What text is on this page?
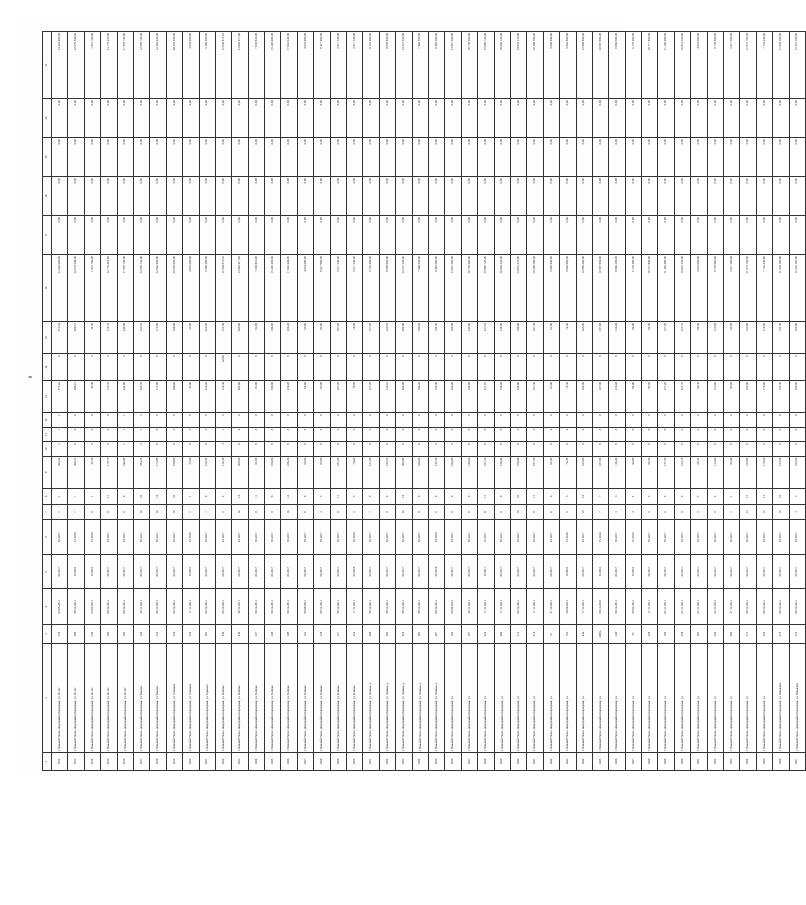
8
1	2	3	4	5	6	7	8	9	10	11	12	13	14	15	16	17	18	19	20	21
1012	г. Нижний Тагил, микрорайон Карьерная, ул. 65 лет	319	03.05.2011	III.2017	III.2017	1	1	563,32	1	1	1	573,42	0	573,42	13 425 600,00	0,00	0,00	0,00	0,00	13 425 600,00
1013	г. Нижний Тагил, микрорайон Карьерная, ул. 65 лет	300	08.12.2011	IV.2016	IV.2016	7	7	369,21	0	0	0	369,21	0	369,21	12 670 548,00	0,00	0,00	0,00	0,00	12 670 548,00
1014	г. Нижний Тагил, микрорайон Карьерная, ул. 65 лет	326	03.05.2011	IV.2016	IV.2016	0	1	35,30	0	0	0	35,30	0	35,30	1 051 760,00	0,00	0,00	0,00	0,00	1 051 760,00
1015	г. Нижний Тагил, микрорайон Карьерная, ул. 65 лет	305	08.12.2011	III.2017	III.2017	11	11	170,70	0	0	0	170,70	0	170,70	13 770 410,00	0,00	0,00	0,00	0,00	13 770 410,00
1016	г. Нижний Тагил, микрорайон Карьерная, ул. 65 лет	302	08.12.2011	III.2017	III.2017	9	9	242,80	1	1	1	242,80	0	242,80	17 593 740,00	0,00	0,00	0,00	0,00	17 593 740,00
1017	г. Нижний Тагил, микрорайон Карьерная, ул. Бажова	326	29.11.2011	III.2017	III.2017	14	16	323,35	2	1	2	323,35	0	323,35	12 559 742,00	0,00	0,00	0,00	0,00	12 559 742,00
1018	г. Нижний Тагил, микрорайон Карьерная, ул. Бажова	312	08.12.2011	III.2017	III.2017	14	14	173,90	0	0	0	173,90	0	173,90	12 562 420,00	0,00	0,00	0,00	0,00	12 562 420,00
1019	г. Нижний Тагил, микрорайон Карьерная, ул. Гагарина	310	08.12.2011	III.2017	III.2017	16	16	168,60	0	0	0	168,60	0	168,60	20 503 620,00	0,00	0,00	0,00	0,00	20 503 620,00
1020	г. Нижний Тагил, микрорайон Карьерная, ул. Гагарина	319	17.11.2011	IV.2016	IV.2016	1	1	23,80	0	0	0	23,80	0	23,80	4 033 600,00	0,00	0,00	0,00	0,00	4 033 600,00
1021	г. Нижний Тагил, микрорайон Карьерная, ул. Горького	261	08.12.2011	III.2017	III.2017	7	9	210,20	0	0	0	210,20	0	210,20	5 360 200,00	0,00	0,00	0,00	0,00	5 360 200,00
1022	г. Нижний Тагил, микрорайон Карьерная, ул. Зелёная	239	08.12.2011	III.2017	III.2017	2	2	116,30	3	1	2	116,30	42,90	113,30	11 038 875,10	0,00	0,00	0,00	0,00	11 038 875,10
1023	г. Нижний Тагил, микрорайон Карьерная, ул. Зелёная	236	29.11.2011	III.2017	III.2017	14	14	205,60	0	0	0	205,60	0	205,60	13 802 417,06	0,00	0,00	0,00	0,00	13 802 417,06
1024	г. Нижний Тагил, микрорайон Карьерная, ул. Зелёная	237	08.12.2011	III.2017	III.2017	11	11	91,90	0	0	0	91,90	0	91,90	7 038 810,00	0,00	0,00	0,00	0,00	7 038 810,00
1025	г. Нижний Тагил, микрорайон Карьерная, ул. Зелёная	238	08.12.2011	III.2017	III.2017	8	8	196,80	0	0	0	196,80	0	196,80	15 249 400,00	0,00	0,00	0,00	0,00	15 249 400,00
1026	г. Нижний Тагил, микрорайон Карьерная, ул. Зелёная	198	08.12.2011	III.2017	III.2017	14	14	236,20	0	0	0	236,20	0	236,20	17 663 440,00	0,00	0,00	0,00	0,00	17 663 440,00
1027	г. Нижний Тагил, микрорайон Карьерная, ул. Зелёная	161	06.09.2011	III.2017	III.2017	9	9	65,60	0	0	0	65,60	0	65,60	4 033 600,00	0,00	0,00	0,00	0,00	4 033 600,00
1028	г. Нижний Тагил, микрорайон Карьерная, ул. Зелёная	335	08.12.2011	III.2017	III.2017	3	3	93,90	0	0	0	93,90	0	93,90	9 417 960,00	0,00	0,00	0,00	0,00	9 417 960,00
1029	г. Нижний Тагил, микрорайон Карьерная, ул. Зелёная	317	08.12.2011	III.2017	III.2017	11	11	187,20	0	0	0	187,20	0	187,20	5 217 340,00	0,00	0,00	0,00	0,00	5 217 340,00
1030	г. Нижний Тагил, микрорайон Карьерная, ул. Зелёная	222	17.11.2011	III.2016	III.2016	5	5	78,60	0	0	0	78,60	0	78,60	5 217 340,00	0,00	0,00	0,00	0,00	5 217 340,00
1031	г. Нижний Тагил, микрорайон Карьерная, ул. Ленина, д.	268	08.12.2011	III.2017	III.2017	7	9	127,20	0	0	0	127,20	0	127,20	9 153 480,00	0,00	0,00	0,00	0,00	9 153 480,00
1032	г. Нижний Тагил, микрорайон Карьерная, ул. Ленина, д.	283	08.12.2011	III.2017	III.2017	5	6	125,10	0	0	0	125,10	0	125,10	8 958 820,00	0,00	0,00	0,00	0,00	8 958 820,00
1033	г. Нижний Тагил, микрорайон Карьерная, ул. Ленина, д.	254	08.12.2011	III.2017	III.2017	14	14	202,80	0	0	0	202,80	0	202,80	14 337 520,00	0,00	0,00	0,00	0,00	14 337 520,00
1034	г. Нижний Тагил, микрорайон Карьерная, ул. Ленина, д.	281	08.12.2011	III.2017	III.2017	8	8	100,20	0	0	0	100,20	0	100,20	7 460 350,00	0,00	0,00	0,00	0,00	7 460 350,00
1035	г. Нижний Тагил, микрорайон Карьерная, ул. Ленина, д.	297	08.12.2011	III.2018	III.2018	6	6	125,30	0	0	0	125,30	0	125,30	9 465 500,00	0,00	0,00	0,00	0,00	9 465 500,00
1036	г. Нижний Тагил, микрорайон Карьерная, ул.	162	04.09.2012	III.2017	III.2017	0	0	164,00	0	0	0	164,00	0	164,00	13 967 560,00	0,00	0,00	0,00	0,00	13 967 560,00
1037	г. Нижний Тагил, микрорайон Карьерная, ул.	187	29.11.2011	III.2017	III.2017	9	9	145,60	0	0	0	145,60	0	145,60	10 739 260,00	0,00	0,00	0,00	0,00	10 739 260,00
1038	г. Нижний Тагил, микрорайон Карьерная, ул.	226	17.11.2011	IV.2017	IV.2017	11	11	237,10	0	0	0	237,10	0	237,10	15 949 720,00	0,00	0,00	0,00	0,00	15 949 720,00
1039	г. Нижний Тагил, микрорайон Карьерная, ул.	280	17.11.2011	III.2017	III.2017	6	6	138,40	0	0	0	138,40	0	138,40	10 604 120,00	0,00	0,00	0,00	0,00	10 604 120,00
1040	г. Нижний Тагил, микрорайон Карьерная, ул.	273	08.12.2011	III.2017	III.2017	10	10	196,80	0	0	0	196,80	0	196,80	14 933 370,00	0,00	0,00	0,00	0,00	14 933 370,00
1041	г. Нижний Тагил, микрорайон Карьерная, ул.	270	17.11.2011	III.2017	III.2017	11	11	187,30	0	0	0	187,30	0	187,30	19 208 380,00	0,00	0,00	0,00	0,00	19 208 380,00
1042	г. Нижний Тагил, микрорайон Карьерная, ул.	67	27.12.2011	III.2017	III.2017	6	6	61,80	0	0	0	61,80	0	61,80	5 049 440,00	0,00	0,00	0,00	0,00	5 049 440,00
1043	г. Нижний Тагил, микрорайон Карьерная, ул.	133	30.06.2011	IV.2016	IV.2016	5	5	74,30	0	0	0	74,30	0	74,30	5 962 800,00	0,00	0,00	0,00	0,00	5 962 800,00
1044	г. Нижний Тагил, микрорайон Карьерная, ул.	242	17.11.2011	III.2017	III.2017	15	15	165,00	0	0	0	165,00	0	165,00	12 990 960,00	0,00	0,00	0,00	0,00	12 990 960,00
1045	г. Нижний Тагил, микрорайон Карьерная, ул.	269/а	08.12.2010	IV.2016	IV.2016	7	7	187,00	0	0	0	187,00	0	187,00	10 597 900,00	0,00	0,00	0,00	0,00	10 597 900,00
1046	г. Нижний Тагил, микрорайон Карьерная, ул.	230	08.12.2011	III.2017	III.2017	3	3	116,40	0	0	0	116,40	0	116,40	9 860 300,00	0,00	0,00	0,00	0,00	9 860 300,00
1047	г. Нижний Тагил, микрорайон Карьерная, ул.	55	09.02.2011	IV.2016	IV.2016	4	4	84,80	0	0	0	84,80	0	84,80	6 170 400,00	0,00	0,00	0,00	0,00	6 170 400,00
1048	г. Нижний Тагил, микрорайон Карьерная, ул.	229	17.11.2011	III.2017	III.2017	5	5	96,50	0	0	0	96,50	0	96,50	10 377 850,00	0,00	0,00	0,00	0,00	10 377 850,00
1049	г. Нижний Тагил, микрорайон Карьерная, ул.	194	02.11.2011	III.2017	III.2017	6	6	137,20	0	0	0	137,20	0	137,20	11 140 480,00	0,00	0,00	0,00	0,00	11 140 480,00
1050	г. Нижний Тагил, микрорайон Карьерная, ул.	258	02.11.2011	III.2017	III.2017	8	8	213,70	0	0	0	213,70	0	213,70	16 951 320,00	0,00	0,00	0,00	0,00	16 951 320,00
1051	г. Нижний Тагил, микрорайон Карьерная, ул.	291	02.11.2011	III.2017	III.2017	5	5	60,30	0	0	0	60,30	0	60,30	4 019 060,00	0,00	0,00	0,00	0,00	4 019 060,00
1052	г. Нижний Тагил, микрорайон Карьерная, ул.	262	02.11.2011	III.2017	III.2017	6	6	113,60	0	0	0	113,60	0	113,60	8 739 960,00	0,00	0,00	0,00	0,00	8 739 960,00
1053	г. Нижний Тагил, микрорайон Карьерная, ул.	294	27.12.2011	III.2017	III.2017	1	1	83,40	0	0	0	83,40	0	83,40	5 617 360,00	0,00	0,00	0,00	0,00	5 617 360,00
1054	г. Нижний Тагил, микрорайон Карьерная, ул.	273	08.12.2011	III.2017	III.2017	13	13	153,80	0	0	0	153,80	0	153,80	11 972 760,00	0,00	0,00	0,00	0,00	11 972 760,00
1055	г. Нижний Тагил, микрорайон Карьерная, ул.	232	08.12.2011	III.2017	III.2017	12	12	179,60	0	0	0	179,60	0	179,60	7 725 440,00	0,00	0,00	0,00	0,00	7 725 440,00
1056	г. Нижний Тагил, микрорайон Карьерная, ул. Пионеров	275	08.12.2011	III.2017	III.2017	10	10	153,30	0	0	0	153,30	0	153,30	11 654 300,00	0,00	0,00	0,00	0,00	11 654 300,00
1057	г. Нижний Тагил, микрорайон Карьерная, ул. Пионеров	276	08.12.2011	III.2017	III.2017	3	3	165,60	0	0	0	165,60	0	165,60	12 316 160,00	0,00	0,00	0,00	0,00	12 316 160,00
